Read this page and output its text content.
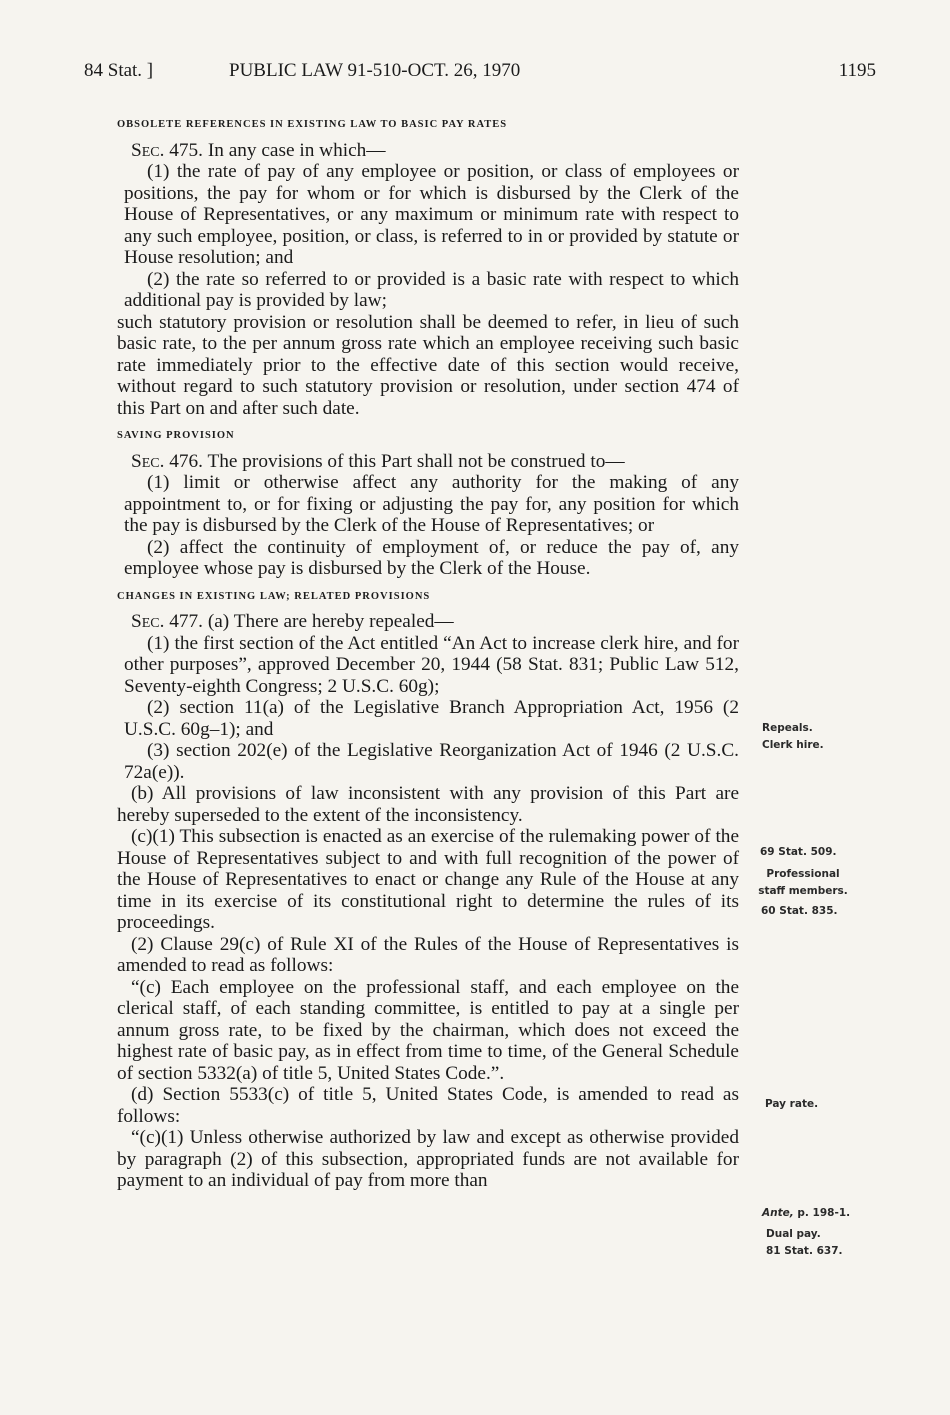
84 Stat. ]	PUBLIC LAW 91-510-OCT. 26, 1970	1195

OBSOLETE REFERENCES IN EXISTING LAW TO BASIC PAY RATES

Sec. 475. In any case in which—

(1) the rate of pay of any employee or position, or class of employees or positions, the pay for whom or for which is disbursed by the Clerk of the House of Representatives, or any maximum or minimum rate with respect to any such employee, position, or class, is referred to in or provided by statute or House resolution; and

(2) the rate so referred to or provided is a basic rate with respect to which additional pay is provided by law;

such statutory provision or resolution shall be deemed to refer, in lieu of such basic rate, to the per annum gross rate which an employee receiving such basic rate immediately prior to the effective date of this section would receive, without regard to such statutory provision or resolution, under section 474 of this Part on and after such date.

SAVING PROVISION

Sec. 476. The provisions of this Part shall not be construed to—

(1) limit or otherwise affect any authority for the making of any appointment to, or for fixing or adjusting the pay for, any position for which the pay is disbursed by the Clerk of the House of Representatives; or

(2) affect the continuity of employment of, or reduce the pay of, any employee whose pay is disbursed by the Clerk of the House.

CHANGES IN EXISTING LAW; RELATED PROVISIONS

Sec. 477. (a) There are hereby repealed—

(1) the first section of the Act entitled “An Act to increase clerk hire, and for other purposes”, approved December 20, 1944 (58 Stat. 831; Public Law 512, Seventy-eighth Congress; 2 U.S.C. 60g);

(2) section 11(a) of the Legislative Branch Appropriation Act, 1956 (2 U.S.C. 60g–1); and

(3) section 202(e) of the Legislative Reorganization Act of 1946 (2 U.S.C. 72a(e)).

(b) All provisions of law inconsistent with any provision of this Part are hereby superseded to the extent of the inconsistency.

(c)(1) This subsection is enacted as an exercise of the rulemaking power of the House of Representatives subject to and with full recognition of the power of the House of Representatives to enact or change any Rule of the House at any time in its exercise of its constitutional right to determine the rules of its proceedings.

(2) Clause 29(c) of Rule XI of the Rules of the House of Representatives is amended to read as follows:

“(c) Each employee on the professional staff, and each employee on the clerical staff, of each standing committee, is entitled to pay at a single per annum gross rate, to be fixed by the chairman, which does not exceed the highest rate of basic pay, as in effect from time to time, of the General Schedule of section 5332(a) of title 5, United States Code.”.

(d) Section 5533(c) of title 5, United States Code, is amended to read as follows:

“(c)(1) Unless otherwise authorized by law and except as otherwise provided by paragraph (2) of this subsection, appropriated funds are not available for payment to an individual of pay from more than

Repeals.
Clerk hire.
69 Stat. 509.
Professional
staff members.
60 Stat. 835.
Pay rate.
Ante, p. 198-1.
Dual pay.
81 Stat. 637.
